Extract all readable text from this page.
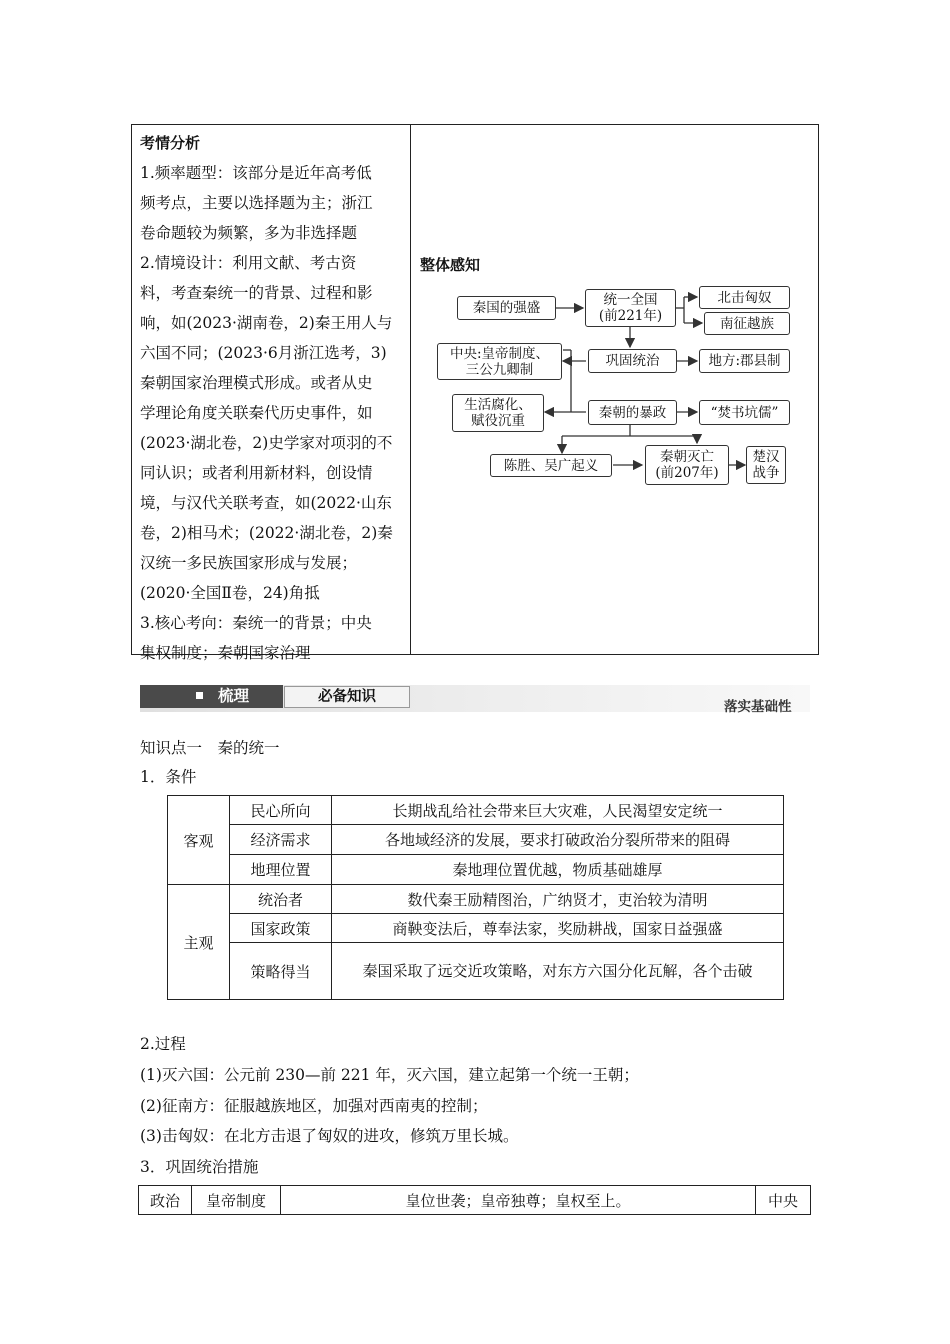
考情分析
1.频率题型：该部分是近年高考低
频考点，主要以选择题为主；浙江
卷命题较为频繁，多为非选择题
2.情境设计：利用文献、考古资
料，考查秦统一的背景、过程和影
响，如(2023·湖南卷，2)秦王用人与
六国不同；(2023·6月浙江选考，3)
秦朝国家治理模式形成。或者从史
学理论角度关联秦代历史事件，如
(2023·湖北卷，2)史学家对项羽的不
同认识；或者利用新材料，创设情
境，与汉代关联考查，如(2022·山东
卷，2)相马术；(2022·湖北卷，2)秦
汉统一多民族国家形成与发展；
(2020·全国Ⅱ卷，24)角抵
3.核心考向：秦统一的背景；中央
集权制度；秦朝国家治理
整体感知
秦国的强盛	统一全国
(前221年)
北击匈奴
南征越族
中央:皇帝制度、
三公九卿制
巩固统治	地方:郡县制
生活腐化、
赋役沉重
秦朝的暴政	“焚书坑儒”
陈胜、吴广起义
秦朝灭亡
(前207年)
楚汉
战争
梳理	必备知识
落实基础性
知识点一　秦的统一
1．条件
客观	民心所向	长期战乱给社会带来巨大灾难，人民渴望安定统一
	经济需求	各地域经济的发展，要求打破政治分裂所带来的阻碍
	地理位置	秦地理位置优越，物质基础雄厚
主观	统治者	数代秦王励精图治，广纳贤才，吏治较为清明
	国家政策	商鞅变法后，尊奉法家，奖励耕战，国家日益强盛
	策略得当	秦国采取了远交近攻策略，对东方六国分化瓦解，各个击破
2.过程
(1)灭六国：公元前 230—前 221 年，灭六国，建立起第一个统一王朝；
(2)征南方：征服越族地区，加强对西南夷的控制；
(3)击匈奴：在北方击退了匈奴的进攻，修筑万里长城。
3．巩固统治措施
政治	皇帝制度	皇位世袭；皇帝独尊；皇权至上。	中央
